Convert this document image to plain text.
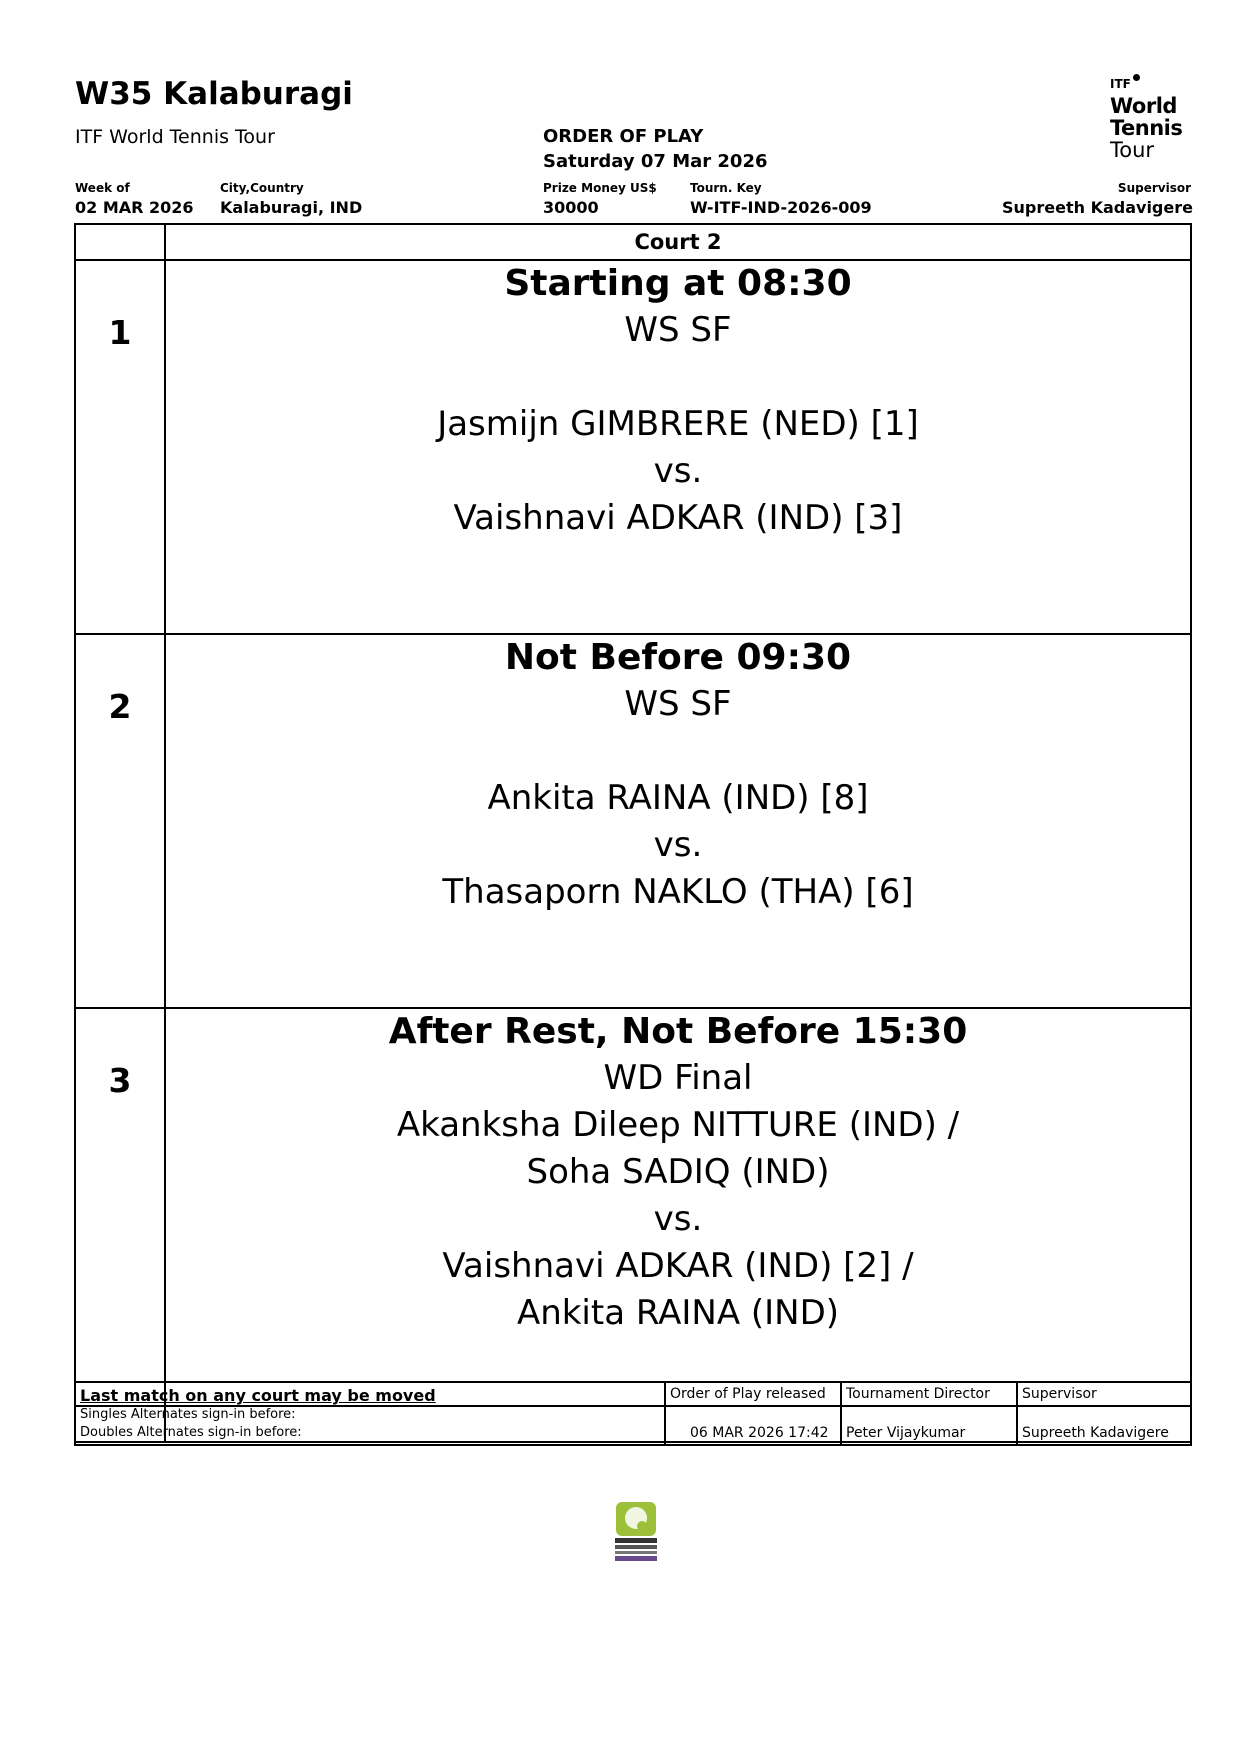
W35 Kalaburagi
ITF World Tennis Tour	ORDER OF PLAY
Saturday 07 Mar 2026
ITF
World
Tennis
Tour
Week of
02 MAR 2026
City,Country
Kalaburagi, IND
Prize Money US$
30000
Tourn. Key
W-ITF-IND-2026-009
Supervisor
Supreeth Kadavigere
Court 2
1
Starting at 08:30
WS SF
Jasmijn GIMBRERE (NED) [1]
vs.
Vaishnavi ADKAR (IND) [3]
2
Not Before 09:30
WS SF
Ankita RAINA (IND) [8]
vs.
Thasaporn NAKLO (THA) [6]
3
After Rest, Not Before 15:30
WD Final
Akanksha Dileep NITTURE (IND) /
Soha SADIQ (IND)
vs.
Vaishnavi ADKAR (IND) [2] /
Ankita RAINA (IND)
Last match on any court may be moved
Singles Alternates sign-in before:
Doubles Alternates sign-in before:
Order of Play released
06 MAR 2026 17:42
Tournament Director
Peter Vijaykumar
Supervisor
Supreeth Kadavigere
